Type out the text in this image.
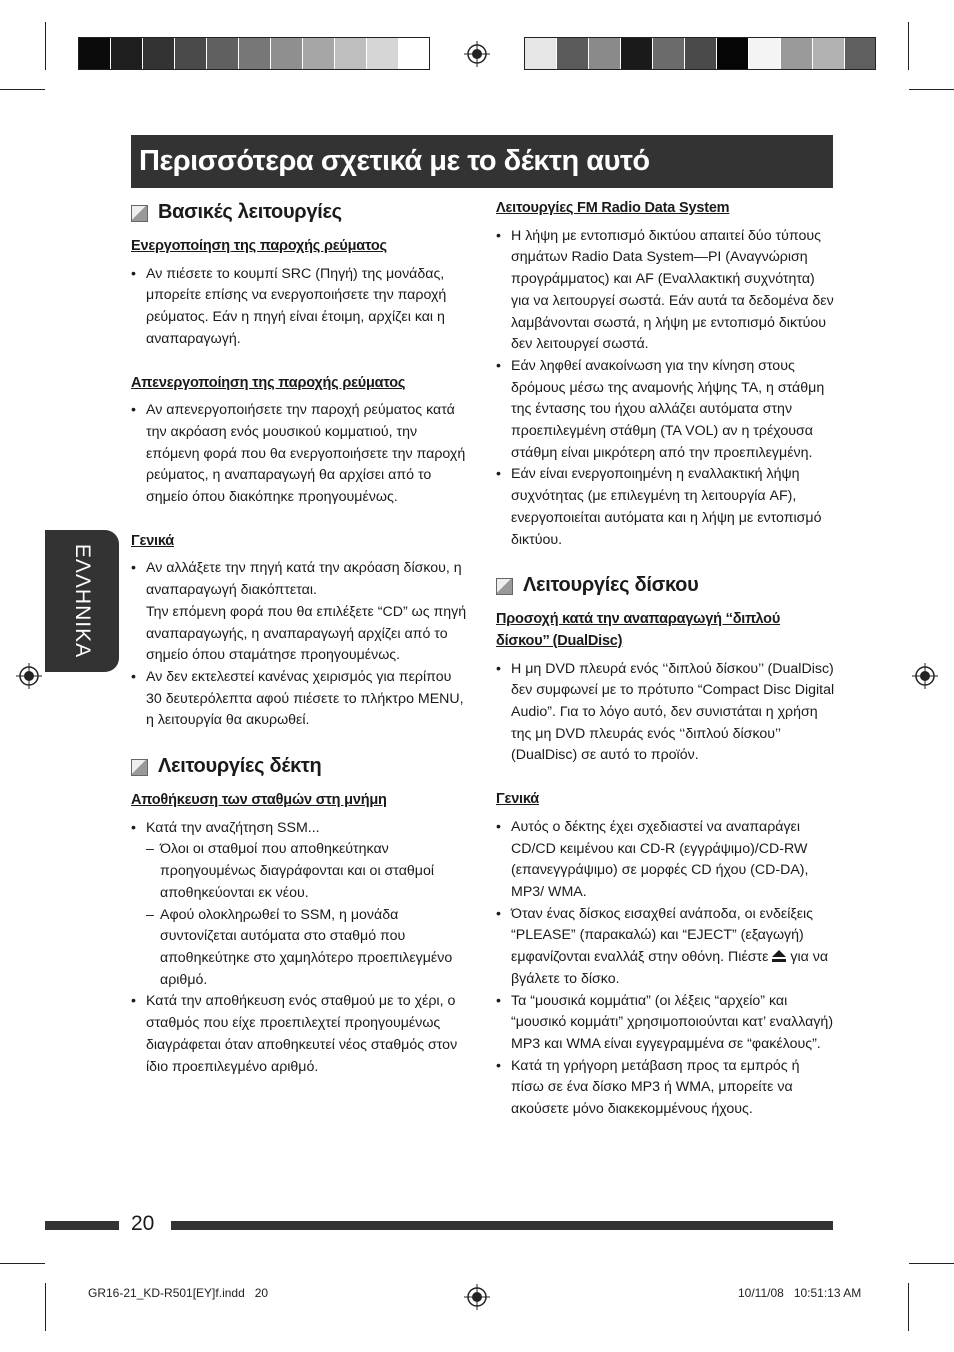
Περισσότερα σχετικά με το δέκτη αυτό
ΕΛΛΗΝΙΚΑ
Βασικές λειτουργίες
Ενεργοποίηση της παροχής ρεύματος
• Αν πιέσετε το κουμπί SRC (Πηγή) της μονάδας, μπορείτε επίσης να ενεργοποιήσετε την παροχή ρεύματος. Εάν η πηγή είναι έτοιμη, αρχίζει και η αναπαραγωγή.
Απενεργοποίηση της παροχής ρεύματος
• Αν απενεργοποιήσετε την παροχή ρεύματος κατά την ακρόαση ενός μουσικού κομματιού, την επόμενη φορά που θα ενεργοποιήσετε την παροχή ρεύματος, η αναπαραγωγή θα αρχίσει από το σημείο όπου διακόπηκε προηγουμένως.
Γενικά
• Αν αλλάξετε την πηγή κατά την ακρόαση δίσκου, η αναπαραγωγή διακόπτεται.
Την επόμενη φορά που θα επιλέξετε “CD” ως πηγή αναπαραγωγής, η αναπαραγωγή αρχίζει από το σημείο όπου σταμάτησε προηγουμένως.
• Αν δεν εκτελεστεί κανένας χειρισμός για περίπου 30 δευτερόλεπτα αφού πιέσετε το πλήκτρο MENU, η λειτουργία θα ακυρωθεί.
Λειτουργίες δέκτη
Αποθήκευση των σταθμών στη μνήμη
• Κατά την αναζήτηση SSM...
– Όλοι οι σταθμοί που αποθηκεύτηκαν προηγουμένως διαγράφονται και οι σταθμοί αποθηκεύονται εκ νέου.
– Αφού ολοκληρωθεί το SSM, η μονάδα συντονίζεται αυτόματα στο σταθμό που αποθηκεύτηκε στο χαμηλότερο προεπιλεγμένο αριθμό.
• Κατά την αποθήκευση ενός σταθμού με το χέρι, ο σταθμός που είχε προεπιλεχτεί προηγουμένως διαγράφεται όταν αποθηκευτεί νέος σταθμός στον ίδιο προεπιλεγμένο αριθμό.
Λειτουργίες FM Radio Data System
• Η λήψη με εντοπισμό δικτύου απαιτεί δύο τύπους σημάτων Radio Data System—PI (Αναγνώριση προγράμματος) και AF (Εναλλακτική συχνότητα) για να λειτουργεί σωστά. Εάν αυτά τα δεδομένα δεν λαμβάνονται σωστά, η λήψη με εντοπισμό δικτύου δεν λειτουργεί σωστά.
• Εάν ληφθεί ανακοίνωση για την κίνηση στους δρόμους μέσω της αναμονής λήψης TA, η στάθμη της έντασης του ήχου αλλάζει αυτόματα στην προεπιλεγμένη στάθμη (TA VOL) αν η τρέχουσα στάθμη είναι μικρότερη από την προεπιλεγμένη.
• Εάν είναι ενεργοποιημένη η εναλλακτική λήψη συχνότητας (με επιλεγμένη τη λειτουργία AF), ενεργοποιείται αυτόματα και η λήψη με εντοπισμό δικτύου.
Λειτουργίες δίσκου
Προσοχή κατά την αναπαραγωγή ‘‘διπλού δίσκου’’ (DualDisc)
• Η μη DVD πλευρά ενός ‘‘διπλού δίσκου’’ (DualDisc) δεν συμφωνεί με το πρότυπο “Compact Disc Digital Audio”. Για το λόγο αυτό, δεν συνιστάται η χρήση της μη DVD πλευράς ενός ‘‘διπλού δίσκου’’ (DualDisc) σε αυτό το προϊόν.
Γενικά
• Αυτός ο δέκτης έχει σχεδιαστεί να αναπαράγει CD/CD κειμένου και CD-R (εγγράψιμο)/CD-RW (επανεγγράψιμο) σε μορφές CD ήχου (CD-DA), MP3/ WMA.
• Όταν ένας δίσκος εισαχθεί ανάποδα, οι ενδείξεις “PLEASE” (παρακαλώ) και “EJECT” (εξαγωγή) εμφανίζονται εναλλάξ στην οθόνη. Πιέστε για να βγάλετε το δίσκο.
• Τα “μουσικά κομμάτια” (οι λέξεις “αρχείο” και “μουσικό κομμάτι” χρησιμοποιούνται κατ’ εναλλαγή) MP3 και WMA είναι εγγεγραμμένα σε “φακέλους”.
• Κατά τη γρήγορη μετάβαση προς τα εμπρός ή πίσω σε ένα δίσκο MP3 ή WMA, μπορείτε να ακούσετε μόνο διακεκομμένους ήχους.
20
GR16-21_KD-R501[EY]f.indd   20	10/11/08   10:51:13 AM
